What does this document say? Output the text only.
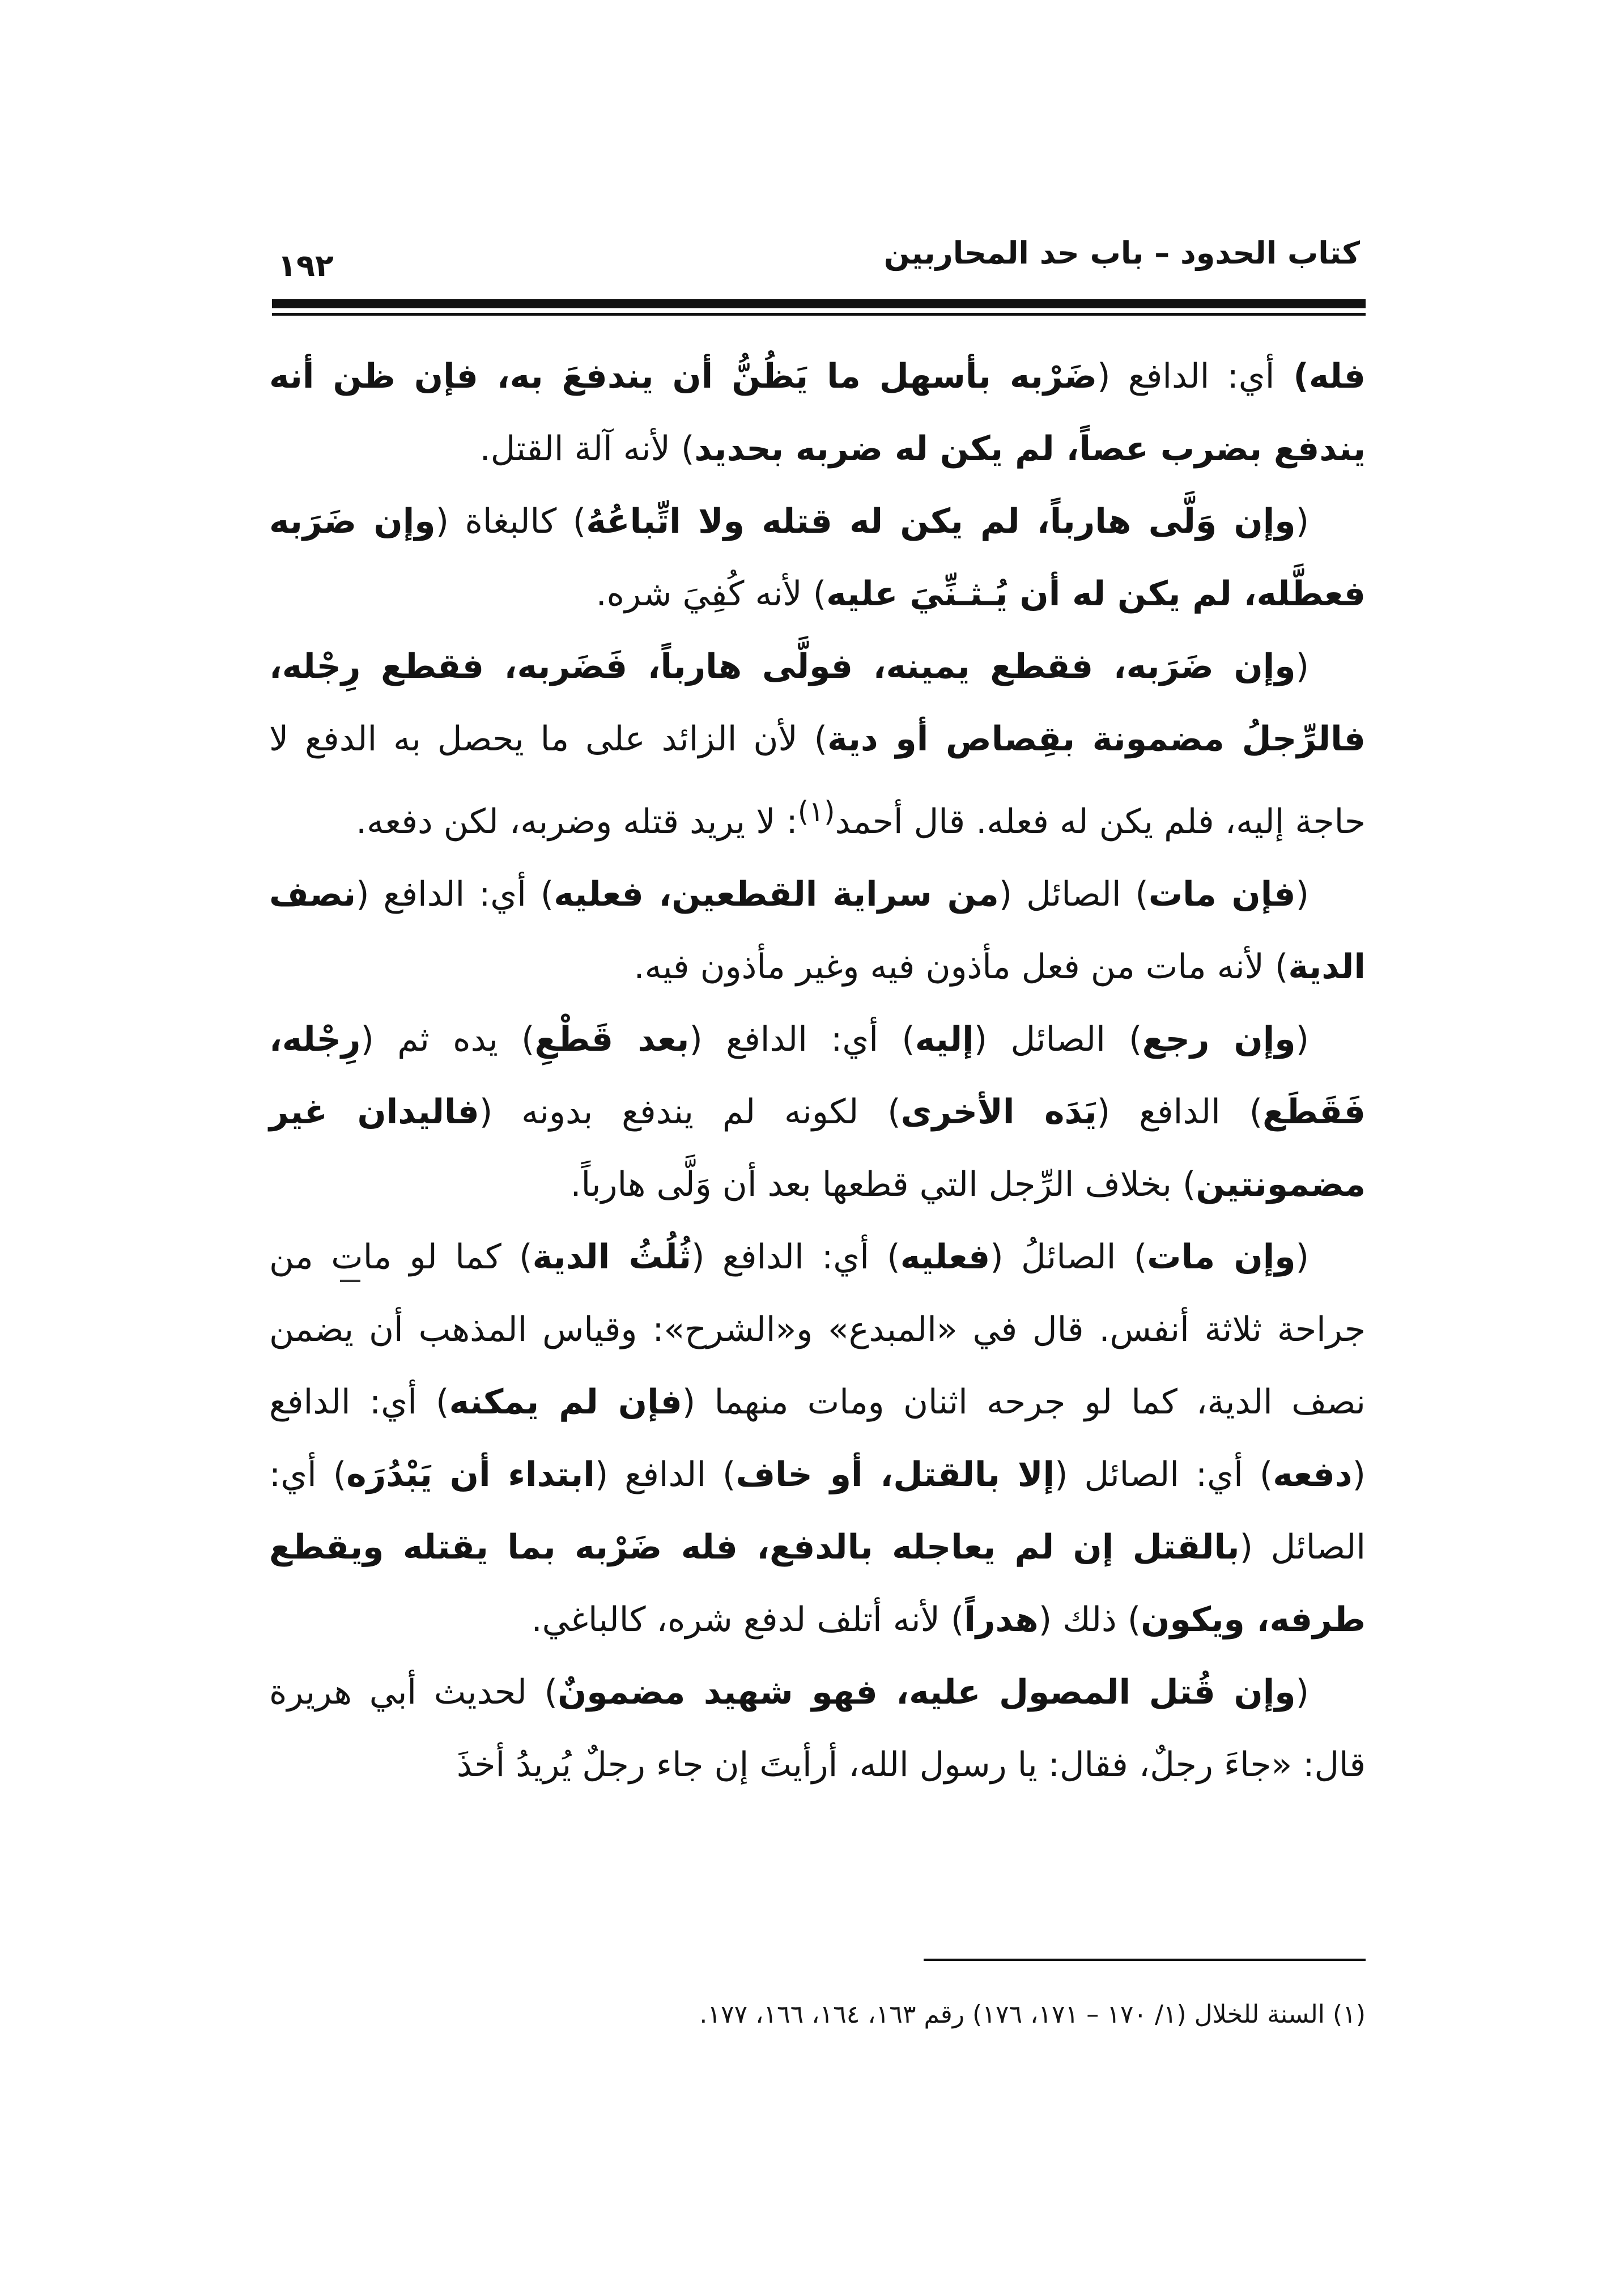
كتاب الحدود – باب حد المحاربين
١٩٢

فله) أي: الدافع (ضَرْبه بأسهل ما يَظُنُّ أن يندفعَ به، فإن ظن أنه يندفع بضرب عصاً، لم يكن له ضربه بحديد) لأنه آلة القتل.

(وإن وَلَّى هارباً، لم يكن له قتله ولا اتِّباعُهُ) كالبغاة (وإن ضَرَبه فعطَّله، لم يكن له أن يُـثـنِّيَ عليه) لأنه كُفِيَ شره.

(وإن ضَرَبه، فقطع يمينه، فولَّى هارباً، فَضَربه، فقطع رِجْله، فالرِّجلُ مضمونة بقِصاص أو دية) لأن الزائد على ما يحصل به الدفع لا حاجة إليه، فلم يكن له فعله. قال أحمد$^{(١)}$: لا يريد قتله وضربه، لكن دفعه.

(فإن مات) الصائل (من سراية القطعين، فعليه) أي: الدافع (نصف الدية) لأنه مات من فعل مأذون فيه وغير مأذون فيه.

(وإن رجع) الصائل (إليه) أي: الدافع (بعد قَطْعِ) يده ثم (رِجْله، فَقَطَع) الدافع (يَدَه الأخرى) لكونه لم يندفع بدونه (فاليدان غير مضمونتين) بخلاف الرِّجل التي قطعها بعد أن وَلَّى هارباً.

(وإن مات) الصائلُ (فعليه) أي: الدافع (ثُلُثُ الدية) كما لو مات من جراحة ثلاثة أنفس. قال في «المبدع» و«الشرح»: وقياس المذهب أن يضمن نصف الدية، كما لو جرحه اثنان ومات منهما (فإن لم يمكنه) أي: الدافع (دفعه) أي: الصائل (إلا بالقتل، أو خاف) الدافع (ابتداء أن يَبْدُرَه) أي: الصائل (بالقتل إن لم يعاجله بالدفع، فله ضَرْبه بما يقتله ويقطع طرفه، ويكون) ذلك (هدراً) لأنه أتلف لدفع شره، كالباغي.

(وإن قُتل المصول عليه، فهو شهيد مضمونٌ) لحديث أبي هريرة قال: «جاءَ رجلٌ، فقال: يا رسول الله، أرأيتَ إن جاء رجلٌ يُريدُ أخذَ

(١) السنة للخلال (١/ ١٧٠ – ١٧١، ١٧٦) رقم ١٦٣، ١٦٤، ١٦٦، ١٧٧.
